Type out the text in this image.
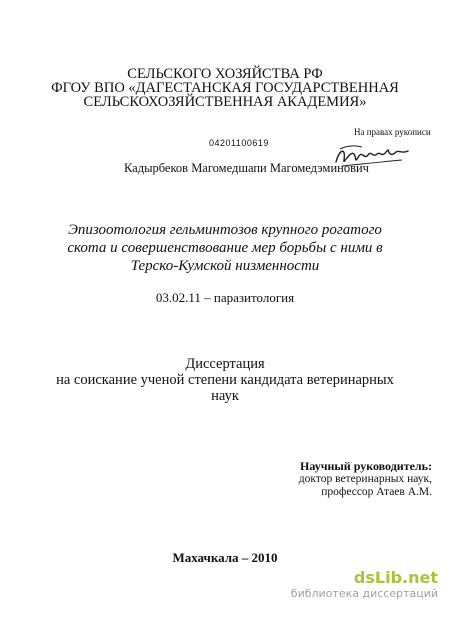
СЕЛЬСКОГО ХОЗЯЙСТВА РФ
ФГОУ ВПО «ДАГЕСТАНСКАЯ ГОСУДАРСТВЕННАЯ
СЕЛЬСКОХОЗЯЙСТВЕННАЯ АКАДЕМИЯ»
04201100619
На правах рукописи
Кадырбеков Магомедшапи Магомедэминович
Эпизоотология гельминтозов крупного рогатого
скота и совершенствование мер борьбы с ними в
Терско-Кумской низменности
03.02.11 – паразитология
Диссертация
на соискание ученой степени кандидата ветеринарных
наук
Научный руководитель:
доктор ветеринарных наук,
профессор Атаев А.М.
Махачкала – 2010
dsLib.net
библиотека диссертаций
